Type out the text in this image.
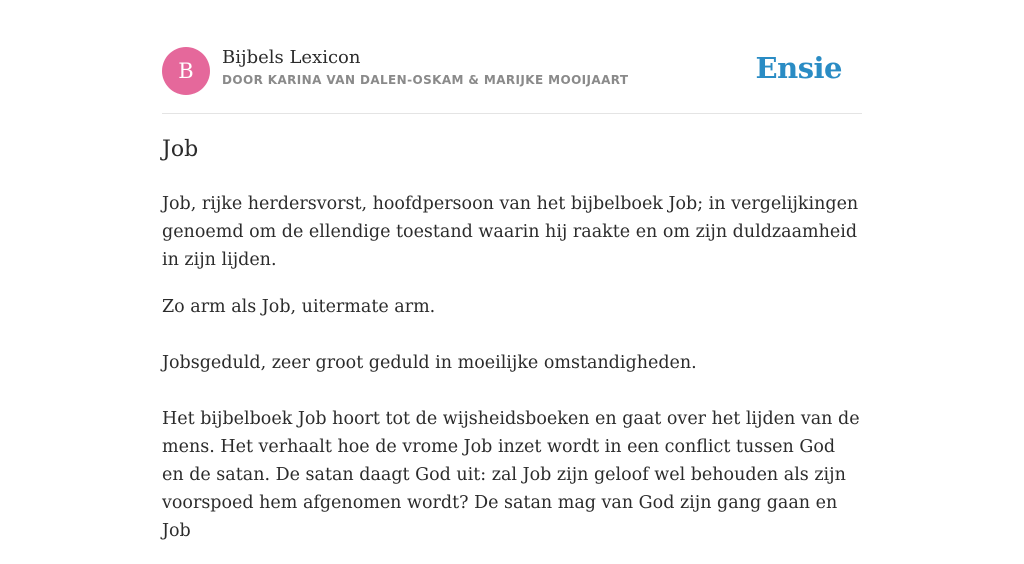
B
Bijbels Lexicon
DOOR KARINA VAN DALEN-OSKAM & MARIJKE MOOIJAART	Ensie
Job

Job, rijke herdersvorst, hoofdpersoon van het bijbelboek Job; in vergelijkingen genoemd om de ellendige toestand waarin hij raakte en om zijn duldzaamheid in zijn lijden.

Zo arm als Job, uitermate arm.

Jobsgeduld, zeer groot geduld in moeilijke omstandigheden.

Het bijbelboek Job hoort tot de wijsheidsboeken en gaat over het lijden van de mens. Het verhaalt hoe de vrome Job inzet wordt in een conflict tussen God en de satan. De satan daagt God uit: zal Job zijn geloof wel behouden als zijn voorspoed hem afgenomen wordt? De satan mag van God zijn gang gaan en Job
